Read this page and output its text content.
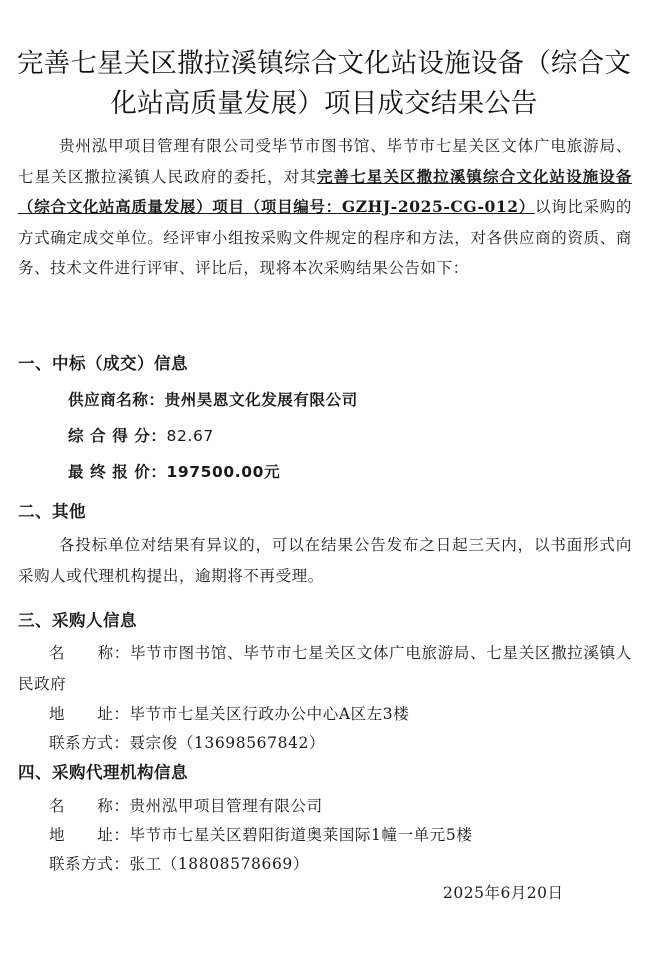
完善七星关区撒拉溪镇综合文化站设施设备（综合文化站高质量发展）项目成交结果公告
贵州泓甲项目管理有限公司受毕节市图书馆、毕节市七星关区文体广电旅游局、七星关区撒拉溪镇人民政府的委托，对其完善七星关区撒拉溪镇综合文化站设施设备（综合文化站高质量发展）项目（项目编号：GZHJ-2025-CG-012）以询比采购的方式确定成交单位。经评审小组按采购文件规定的程序和方法，对各供应商的资质、商务、技术文件进行评审、评比后，现将本次采购结果公告如下：
一、中标（成交）信息
供应商名称：贵州昊恩文化发展有限公司
综 合 得 分：82.67
最 终 报 价：197500.00元
二、其他
各投标单位对结果有异议的，可以在结果公告发布之日起三天内，以书面形式向采购人或代理机构提出，逾期将不再受理。
三、采购人信息
名　　称：毕节市图书馆、毕节市七星关区文体广电旅游局、七星关区撒拉溪镇人民政府
地　　址：毕节市七星关区行政办公中心A区左3楼
联系方式：聂宗俊（13698567842）
四、采购代理机构信息
名　　称：贵州泓甲项目管理有限公司
地　　址：毕节市七星关区碧阳街道奥莱国际1幢一单元5楼
联系方式：张工（18808578669）
2025年6月20日
